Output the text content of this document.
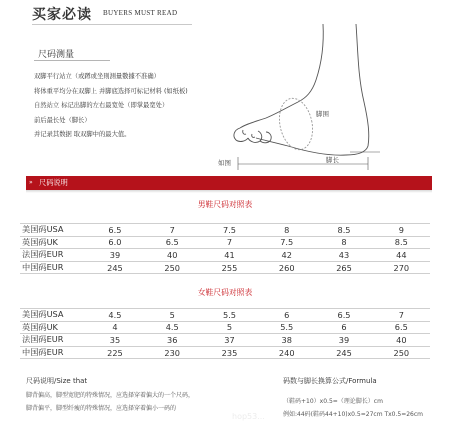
买家必读 BUYERS MUST READ
尺码测量
双脚平行站立（或蹲或坐則測量數據不准确）
将体重平均分在双脚上 并脚底选择可标记材料 (如纸板)
自然站立 标记出脚的左右最宽处（即掌最宽处）
前后最长处（脚长）
并记录其数据 取双脚中的最大值。
脚围
脚长
如图
» 尺码说明
男鞋尺码对照表
美国码USA	6.5	7	7.5	8	8.5	9
英国码UK	6.0	6.5	7	7.5	8	8.5
法国码EUR	39	40	41	42	43	44
中国码EUR	245	250	255	260	265	270
女鞋尺码对照表
美国码USA	4.5	5	5.5	6	6.5	7
英国码UK	4	4.5	5	5.5	6	6.5
法国码EUR	35	36	37	38	39	40
中国码EUR	225	230	235	240	245	250
尺码说明/Size that
脚背偏高，脚型宽肥的特殊情况，应选择穿着偏大的一个尺码，
脚背偏平，脚型纤瘦的特殊情况，应选择穿着偏小一码的
码数与脚长换算公式/Formula
（鞋码+10）x0.5=（理论脚长）cm
例如:44码(鞋码44+10)x0.5=27cm Tx0.5=26cm
hop53...
